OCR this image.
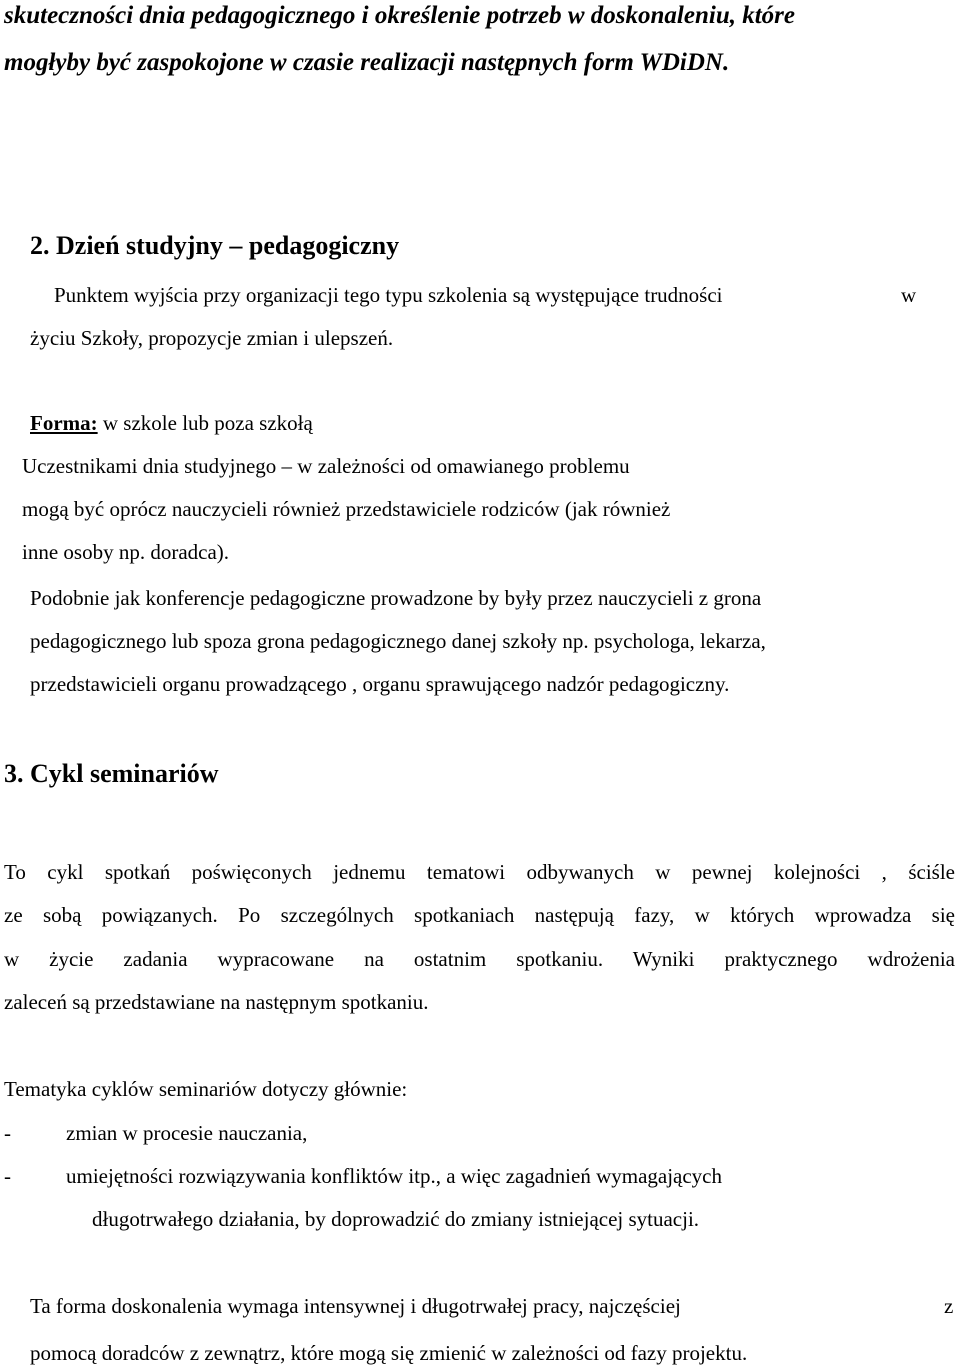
skuteczności dnia pedagogicznego i określenie potrzeb w doskonaleniu, które
mogłyby być zaspokojone w czasie realizacji następnych form WDiDN.
2. Dzień studyjny – pedagogiczny
Punktem wyjścia przy organizacji tego typu szkolenia są występujące trudności	w
życiu Szkoły, propozycje zmian i ulepszeń.
Forma: w szkole lub poza szkołą
Uczestnikami dnia studyjnego – w zależności od omawianego problemu
mogą być oprócz nauczycieli również przedstawiciele rodziców (jak również
inne osoby np. doradca).
Podobnie jak konferencje pedagogiczne prowadzone by były przez nauczycieli z grona
pedagogicznego lub spoza grona pedagogicznego danej szkoły np. psychologa, lekarza,
przedstawicieli organu prowadzącego , organu sprawującego nadzór pedagogiczny.
3. Cykl seminariów
To cykl spotkań poświęconych jednemu tematowi odbywanych w pewnej kolejności , ściśle
ze sobą powiązanych. Po szczególnych spotkaniach następują fazy, w których wprowadza się
w życie zadania wypracowane na ostatnim spotkaniu. Wyniki praktycznego wdrożenia
zaleceń są przedstawiane na następnym spotkaniu.
Tematyka cyklów seminariów dotyczy głównie:
-	zmian w procesie nauczania,
-	umiejętności rozwiązywania konfliktów itp., a więc zagadnień wymagających
długotrwałego działania, by doprowadzić do zmiany istniejącej sytuacji.
Ta forma doskonalenia wymaga intensywnej i długotrwałej pracy, najczęściej	z
pomocą doradców z zewnątrz, które mogą się zmienić w zależności od fazy projektu.
